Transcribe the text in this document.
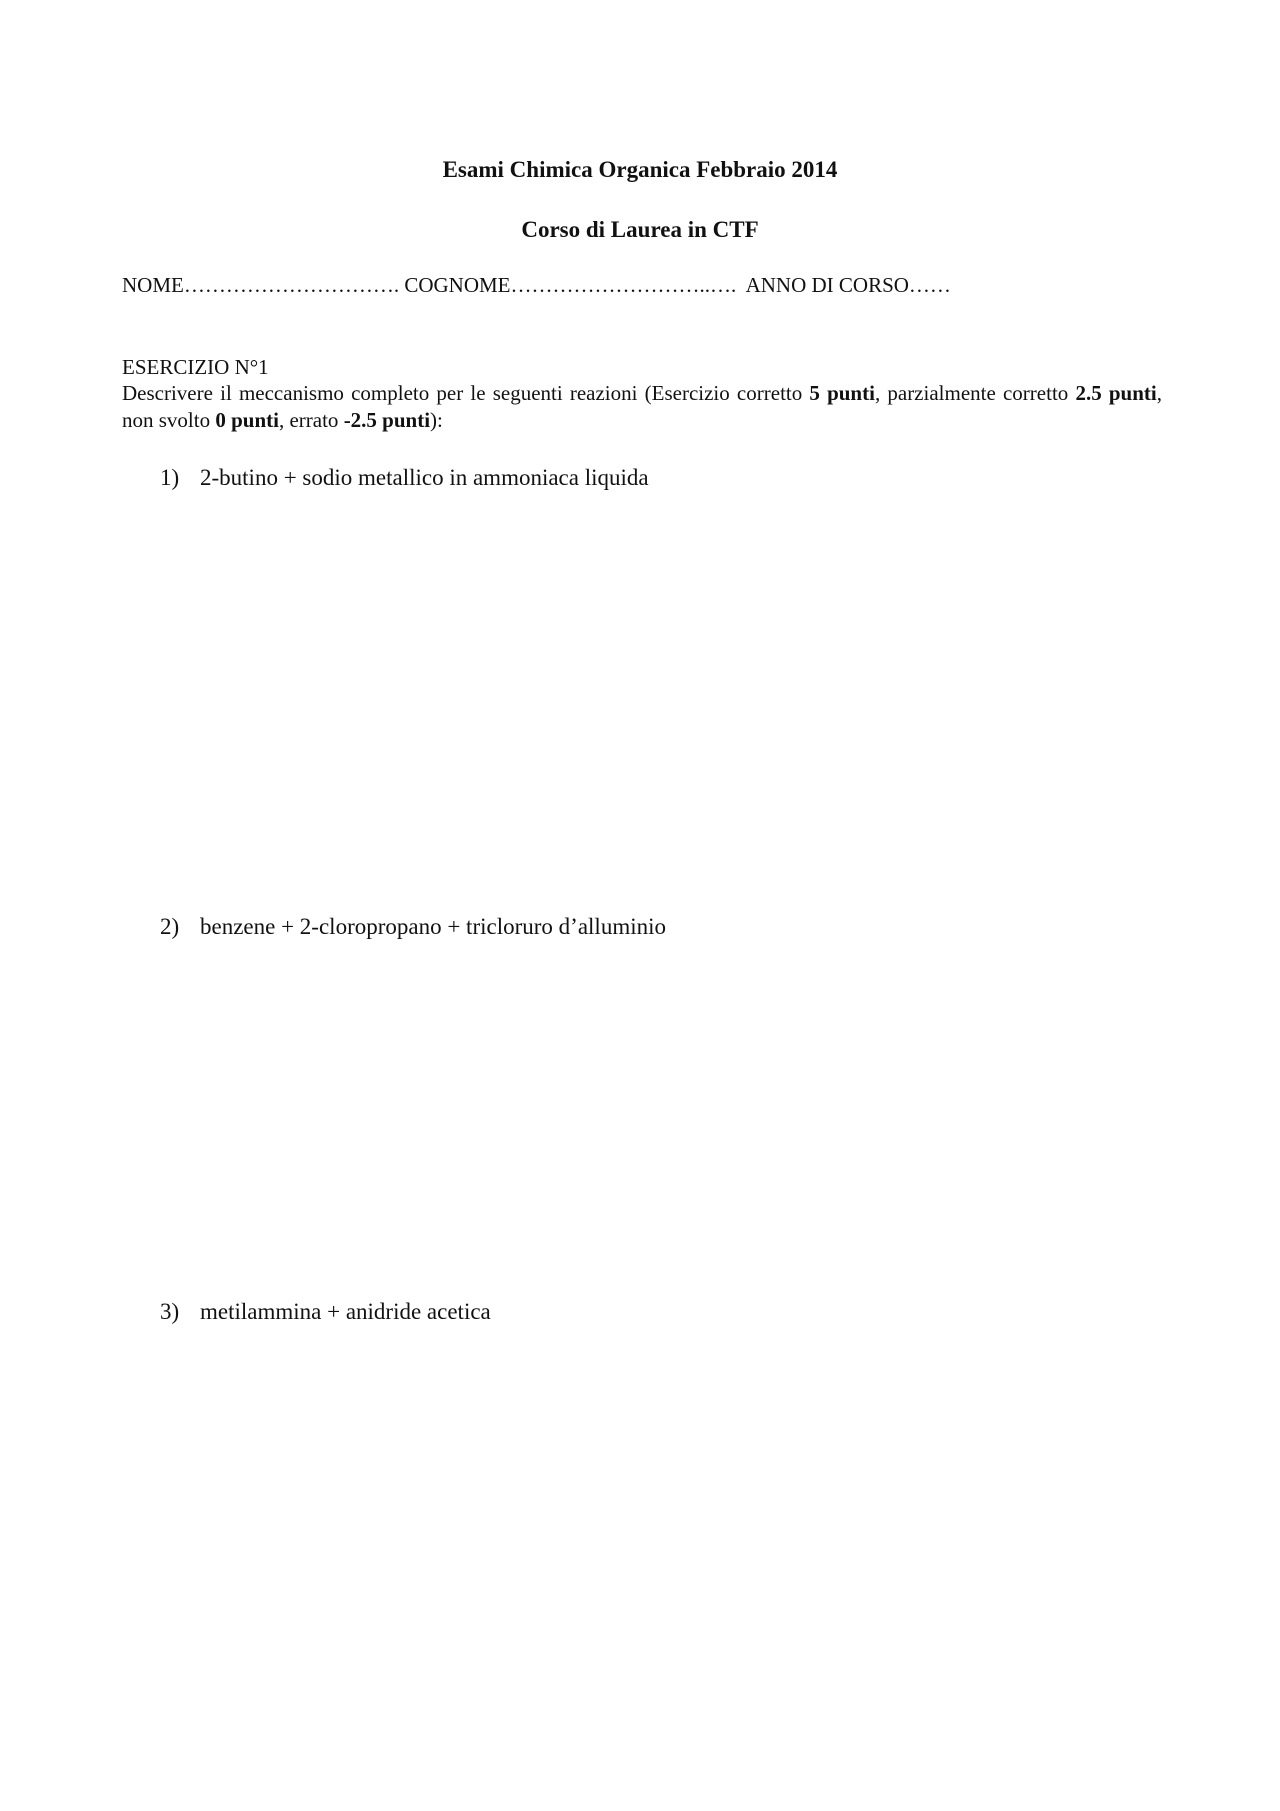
Esami Chimica Organica Febbraio 2014
Corso di Laurea in CTF
NOME…………………………. COGNOME………………………..….  ANNO DI CORSO……
ESERCIZIO N°1

Descrivere il meccanismo completo per le seguenti reazioni (Esercizio corretto 5 punti, parzialmente corretto 2.5 punti, non svolto 0 punti, errato -2.5 punti):

1) 2-butino + sodio metallico in ammoniaca liquida
2) benzene + 2-cloropropano + tricloruro d’alluminio
3) metilammina + anidride acetica
